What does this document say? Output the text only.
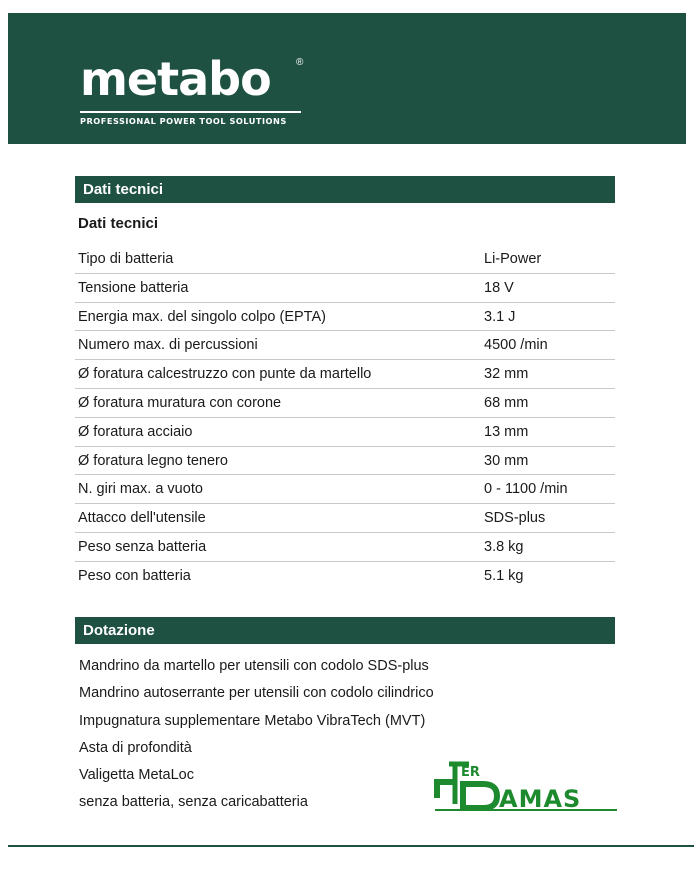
metabo	®
PROFESSIONAL POWER TOOL SOLUTIONS
Dati tecnici
Dati tecnici
Tipo di batteria	Li-Power
Tensione batteria	18 V
Energia max. del singolo colpo (EPTA)	3.1 J
Numero max. di percussioni	4500 /min
Ø foratura calcestruzzo con punte da martello	32 mm
Ø foratura muratura con corone	68 mm
Ø foratura acciaio	13 mm
Ø foratura legno tenero	30 mm
N. giri max. a vuoto	0 - 1100 /min
Attacco dell'utensile	SDS-plus
Peso senza batteria	3.8 kg
Peso con batteria	5.1 kg
Dotazione
Mandrino da martello per utensili con codolo SDS-plus
Mandrino autoserrante per utensili con codolo cilindrico
Impugnatura supplementare Metabo VibraTech (MVT)
Asta di profondità
Valigetta MetaLoc
senza batteria, senza caricabatteria
ER
AMAS
